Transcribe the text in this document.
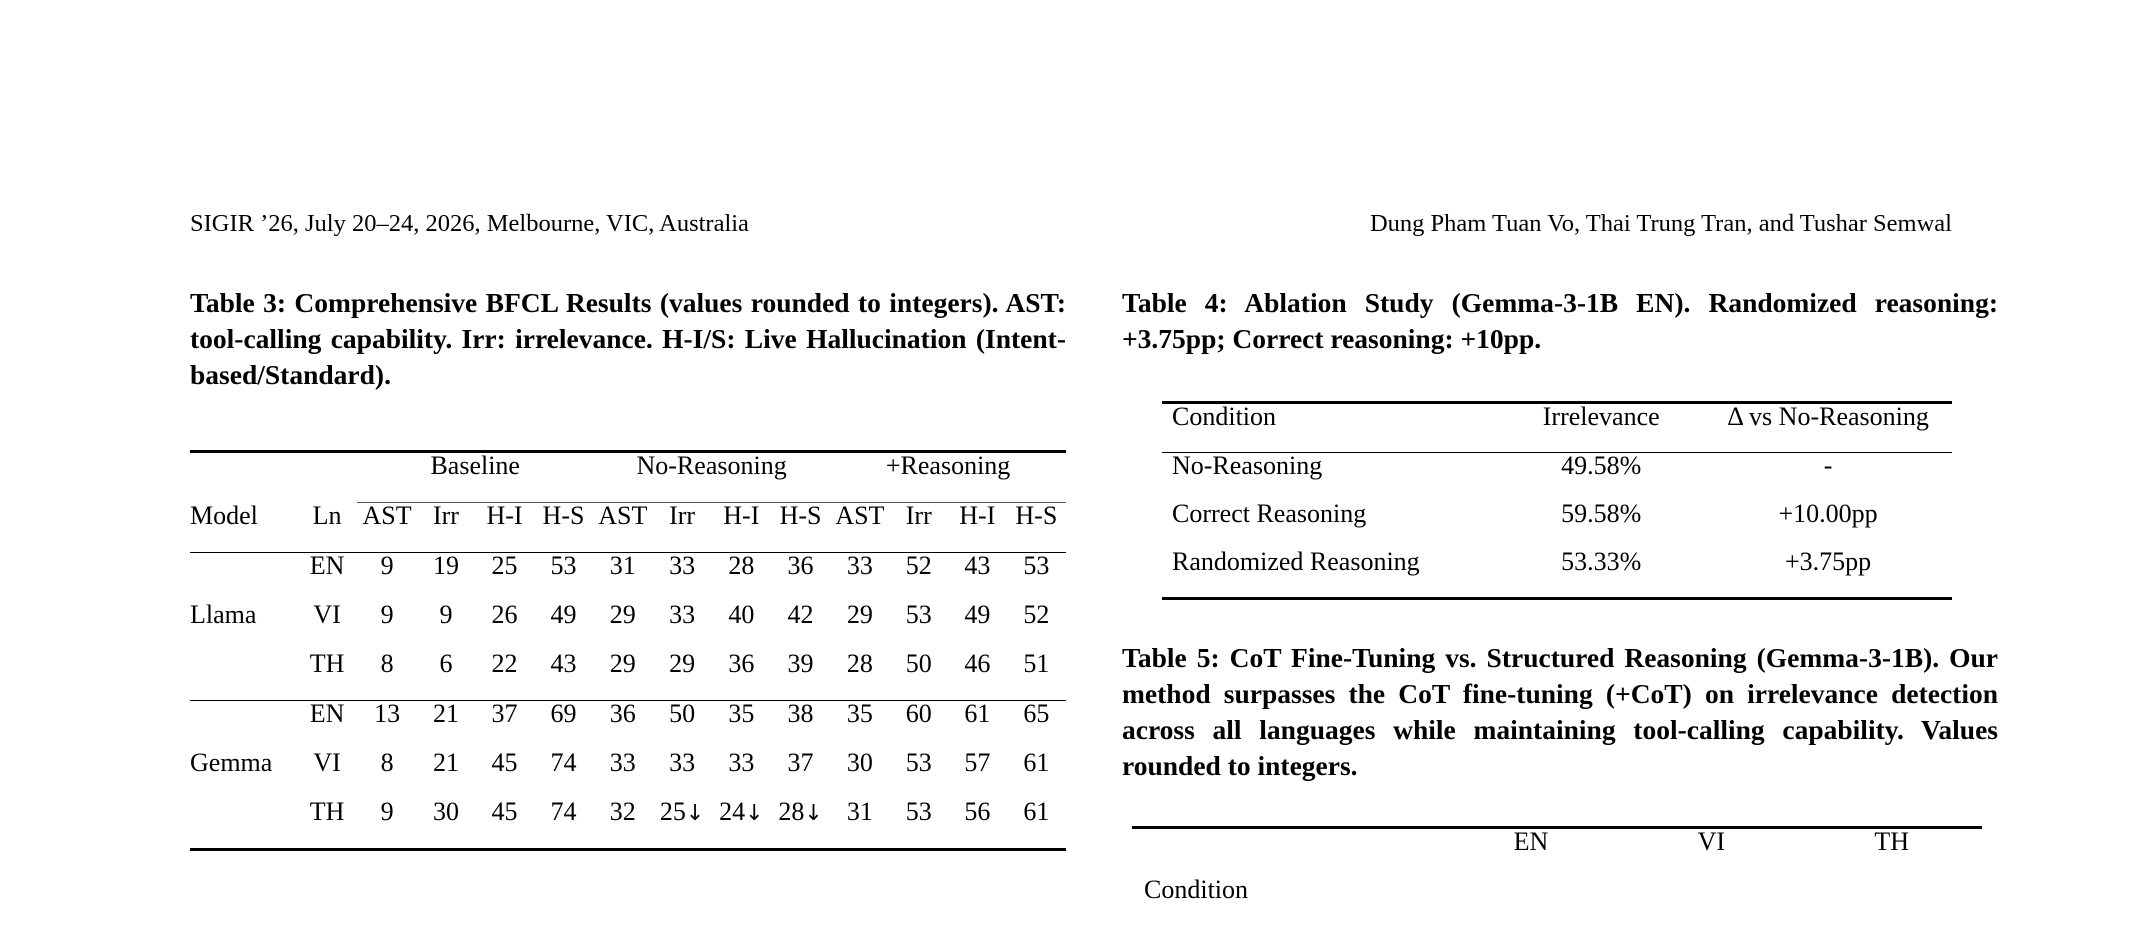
SIGIR ’26, July 20–24, 2026, Melbourne, VIC, Australia	Dung Pham Tuan Vo, Thai Trung Tran, and Tushar Semwal

Table 3: Comprehensive BFCL Results (values rounded to integers). AST: tool-calling capability. Irr: irrelevance. H-I/S: Live Hallucination (Intent-based/Standard).

		Baseline				No-Reasoning				+Reasoning			
Model	Ln	AST	Irr	H-I	H-S	AST	Irr	H-I	H-S	AST	Irr	H-I	H-S
	EN	9	19	25	53	31	33	28	36	33	52	43	53
Llama	VI	9	9	26	49	29	33	40	42	29	53	49	52
	TH	8	6	22	43	29	29	36	39	28	50	46	51
	EN	13	21	37	69	36	50	35	38	35	60	61	65
Gemma	VI	8	21	45	74	33	33	33	37	30	53	57	61
	TH	9	30	45	74	32	25↓	24↓	28↓	31	53	56	61

Table 4: Ablation Study (Gemma-3-1B EN). Randomized reasoning: +3.75pp; Correct reasoning: +10pp.

Condition	Irrelevance	Δ vs No-Reasoning
No-Reasoning	49.58%	-
Correct Reasoning	59.58%	+10.00pp
Randomized Reasoning	53.33%	+3.75pp

Table 5: CoT Fine-Tuning vs. Structured Reasoning (Gemma-3-1B). Our method surpasses the CoT fine-tuning (+CoT) on irrelevance detection across all languages while maintaining tool-calling capability. Values rounded to integers.

	EN	VI	TH
Condition			
